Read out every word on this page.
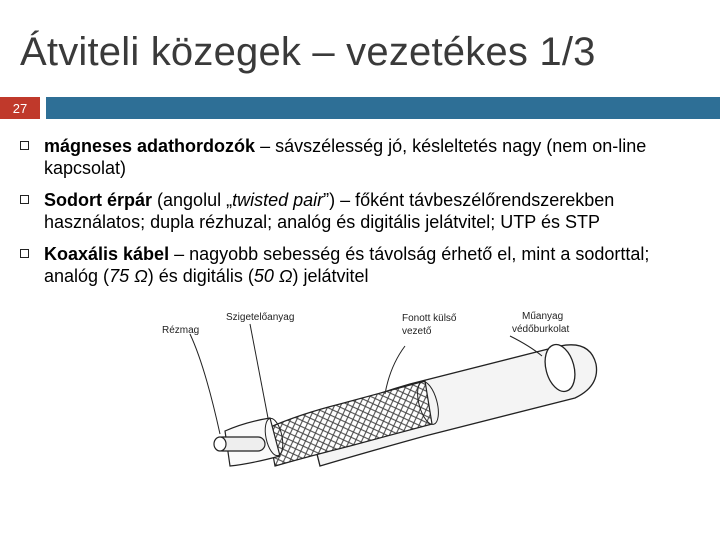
Átviteli közegek – vezetékes 1/3
27
mágneses adathordozók – sávszélesség jó, késleltetés nagy (nem on-line kapcsolat)
Sodort érpár (angolul „twisted pair”) – főként távbeszélőrendszerekben használatos; dupla rézhuzal; analóg és digitális jelátvitel; UTP és STP
Koaxális kábel – nagyobb sebesség és távolság érhető el, mint a sodorttal; analóg (75 Ω) és digitális (50 Ω) jelátvitel
Rézmag
Szigetelőanyag	Fonott külső
vezető
Műanyag
védőburkolat
